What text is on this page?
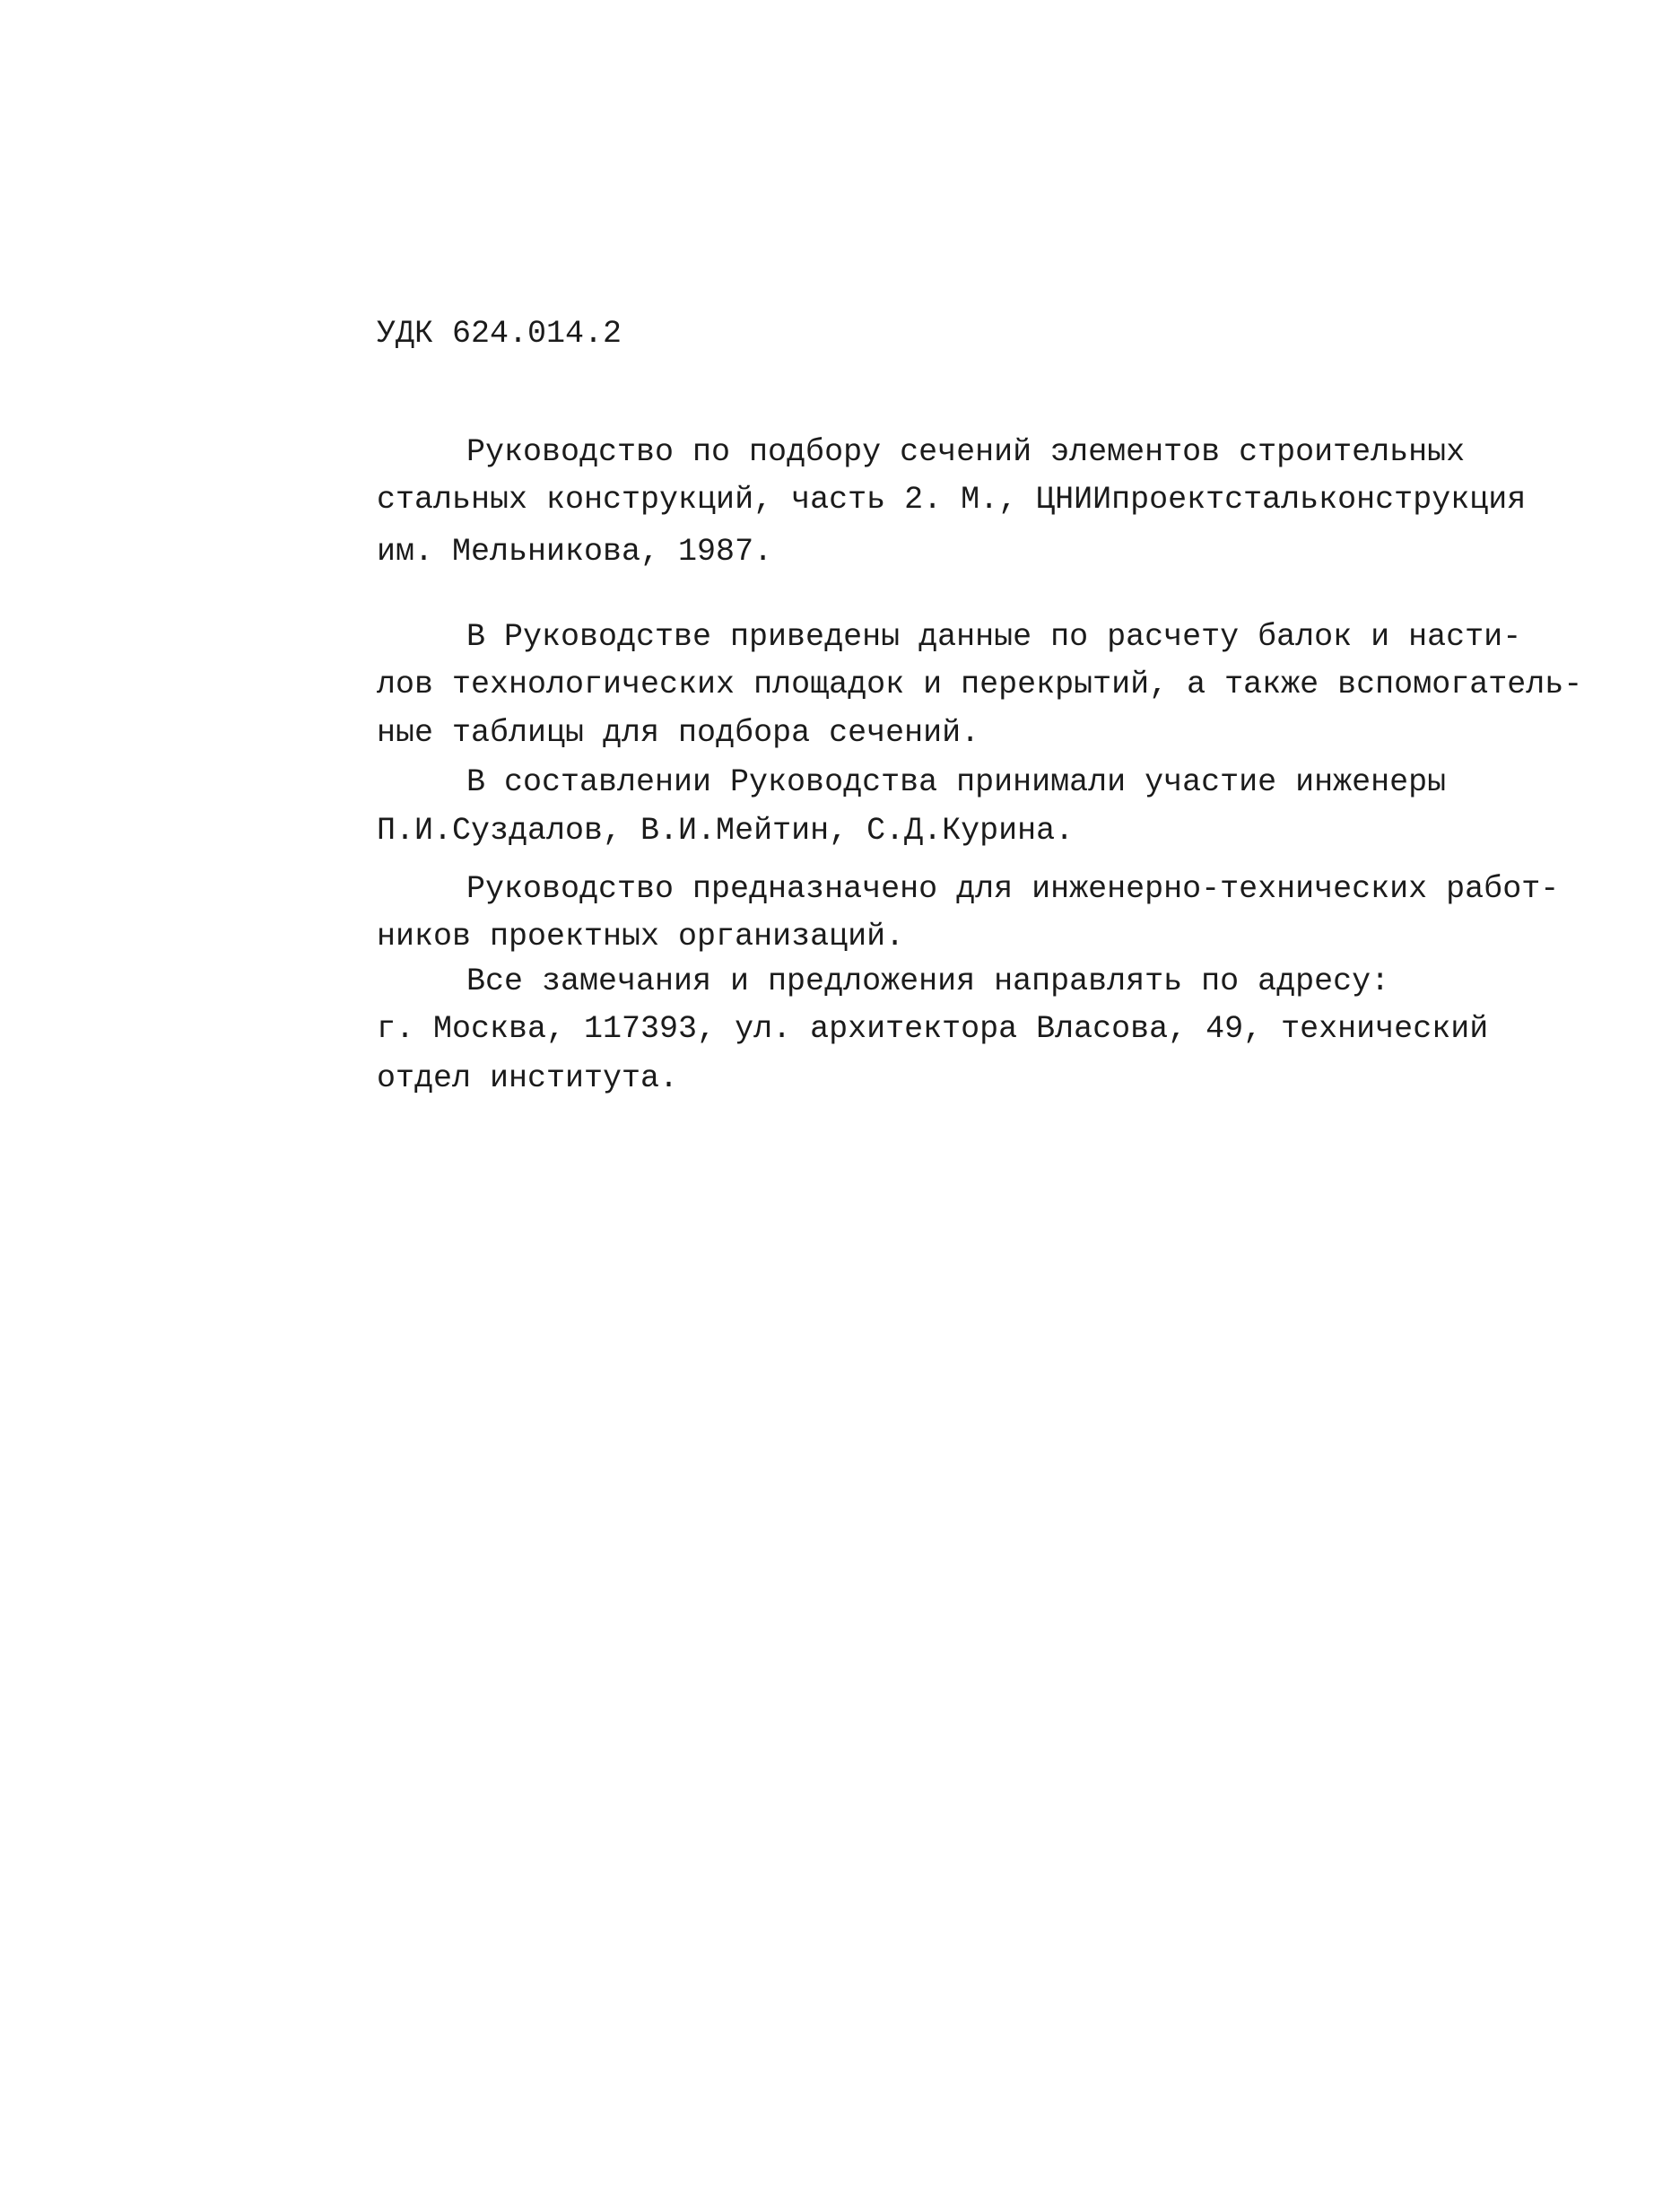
УДК 624.014.2
Руководство по подбору сечений элементов строительных
стальных конструкций, часть 2. М., ЦНИИпроектстальконструкция
им. Мельникова, 1987.
В Руководстве приведены данные по расчету балок и насти-
лов технологических площадок и перекрытий, а также вспомогатель-
ные таблицы для подбора сечений.
В составлении Руководства принимали участие инженеры
П.И.Суздалов, В.И.Мейтин, С.Д.Курина.
Руководство предназначено для инженерно-технических работ-
ников проектных организаций.
Все замечания и предложения направлять по адресу:
г. Москва, 117393, ул. архитектора Власова, 49, технический
отдел института.
